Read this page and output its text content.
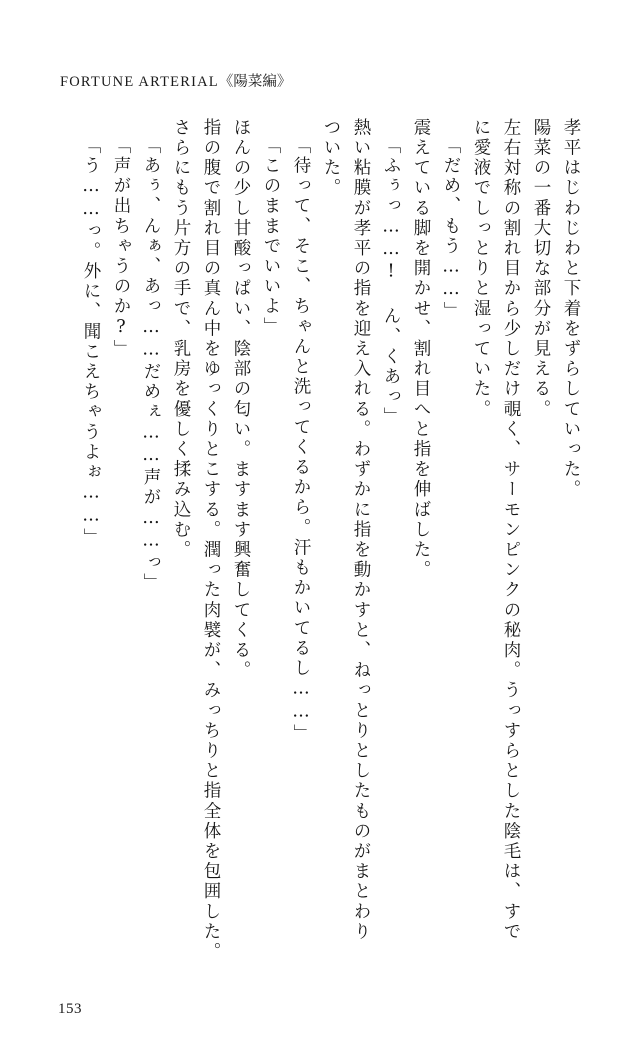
FORTUNE ARTERIAL《陽菜編》
孝平はじわじわと下着をずらしていった。
陽菜の一番大切な部分が見える。
左右対称の割れ目から少しだけ覗く、サーモンピンクの秘肉。うっすらとした陰毛は、すで
に愛液でしっとりと湿っていた。
「だめ、もう……」
震えている脚を開かせ、割れ目へと指を伸ばした。
「ふぅっ……! ん、くあっ」
熱い粘膜が孝平の指を迎え入れる。わずかに指を動かすと、ねっとりとしたものがまとわり
ついた。
「待って、そこ、ちゃんと洗ってくるから。汗もかいてるし……」
「このままでいいよ」
ほんの少し甘酸っぱい、陰部の匂い。ますます興奮してくる。
指の腹で割れ目の真ん中をゆっくりとこする。潤った肉襞が、みっちりと指全体を包囲した。
さらにもう片方の手で、乳房を優しく揉み込む。
「あぅ、んぁ、あっ……だめぇ……声が……っ」
「声が出ちゃうのか?」
「う……っ。外に、聞こえちゃうよぉ……」
153
